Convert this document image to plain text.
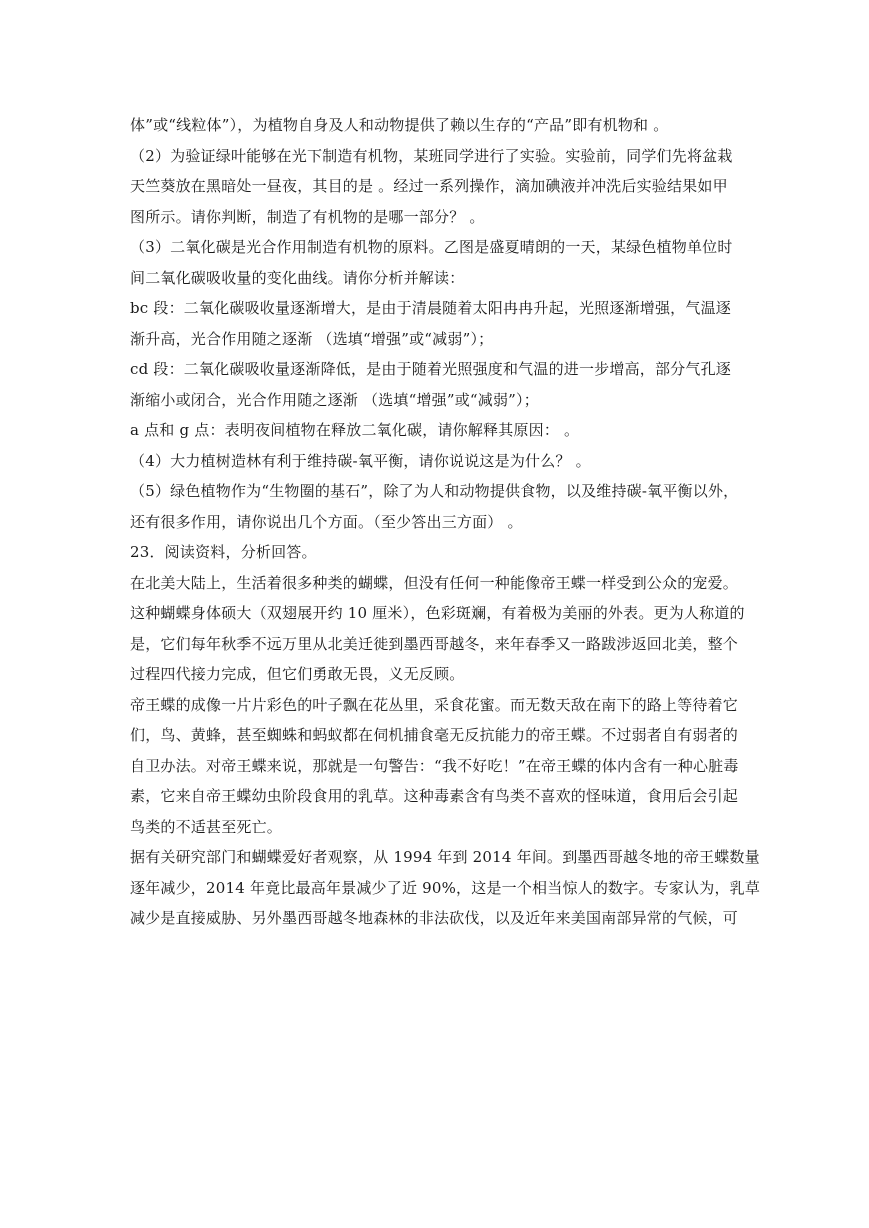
体”或“线粒体”），为植物自身及人和动物提供了赖以生存的“产品”即有机物和 。
（2）为验证绿叶能够在光下制造有机物，某班同学进行了实验。实验前，同学们先将盆栽
天竺葵放在黑暗处一昼夜，其目的是 。经过一系列操作，滴加碘液并冲洗后实验结果如甲
图所示。请你判断，制造了有机物的是哪一部分？ 。
（3）二氧化碳是光合作用制造有机物的原料。乙图是盛夏晴朗的一天，某绿色植物单位时
间二氧化碳吸收量的变化曲线。请你分析并解读：
bc 段：二氧化碳吸收量逐渐增大，是由于清晨随着太阳冉冉升起，光照逐渐增强，气温逐
渐升高，光合作用随之逐渐 （选填“增强”或“减弱”）；
cd 段：二氧化碳吸收量逐渐降低，是由于随着光照强度和气温的进一步增高，部分气孔逐
渐缩小或闭合，光合作用随之逐渐 （选填“增强”或“减弱”）；
a 点和 g 点：表明夜间植物在释放二氧化碳，请你解释其原因： 。
（4）大力植树造林有利于维持碳-氧平衡，请你说说这是为什么？ 。
（5）绿色植物作为“生物圈的基石”，除了为人和动物提供食物，以及维持碳-氧平衡以外，
还有很多作用，请你说出几个方面。（至少答出三方面） 。
23．阅读资料，分析回答。
在北美大陆上，生活着很多种类的蝴蝶，但没有任何一种能像帝王蝶一样受到公众的宠爱。
这种蝴蝶身体硕大（双翅展开约 10 厘米），色彩斑斓，有着极为美丽的外表。更为人称道的
是，它们每年秋季不远万里从北美迁徙到墨西哥越冬，来年春季又一路跋涉返回北美，整个
过程四代接力完成，但它们勇敢无畏，义无反顾。
帝王蝶的成像一片片彩色的叶子飘在花丛里，采食花蜜。而无数天敌在南下的路上等待着它
们，鸟、黄蜂，甚至蜘蛛和蚂蚁都在伺机捕食毫无反抗能力的帝王蝶。不过弱者自有弱者的
自卫办法。对帝王蝶来说，那就是一句警告：“我不好吃！”在帝王蝶的体内含有一种心脏毒
素，它来自帝王蝶幼虫阶段食用的乳草。这种毒素含有鸟类不喜欢的怪味道，食用后会引起
鸟类的不适甚至死亡。
据有关研究部门和蝴蝶爱好者观察，从 1994 年到 2014 年间。到墨西哥越冬地的帝王蝶数量
逐年减少，2014 年竟比最高年景减少了近 90%，这是一个相当惊人的数字。专家认为，乳草
减少是直接威胁、另外墨西哥越冬地森林的非法砍伐，以及近年来美国南部异常的气候，可
